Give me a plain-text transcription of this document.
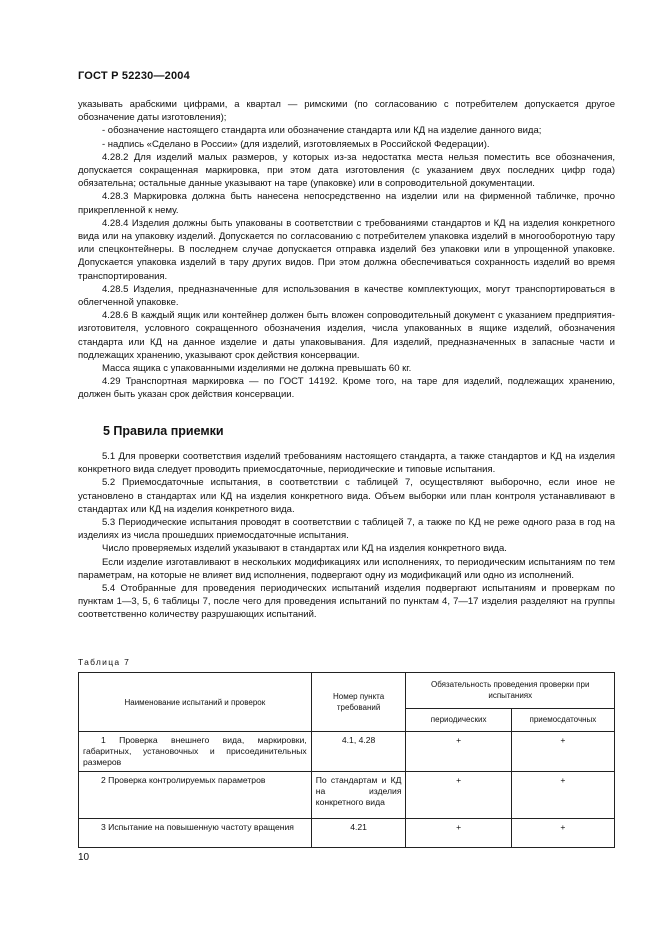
ГОСТ Р 52230—2004

указывать арабскими цифрами, а квартал — римскими (по согласованию с потребителем допускается другое обозначение даты изготовления);

- обозначение настоящего стандарта или обозначение стандарта или КД на изделие данного вида;

- надпись «Сделано в России» (для изделий, изготовляемых в Российской Федерации).

4.28.2 Для изделий малых размеров, у которых из-за недостатка места нельзя поместить все обозначения, допускается сокращенная маркировка, при этом дата изготовления (с указанием двух последних цифр года) обязательна; остальные данные указывают на таре (упаковке) или в сопроводительной документации.

4.28.3 Маркировка должна быть нанесена непосредственно на изделии или на фирменной табличке, прочно прикрепленной к нему.

4.28.4 Изделия должны быть упакованы в соответствии с требованиями стандартов и КД на изделия конкретного вида или на упаковку изделий. Допускается по согласованию с потребителем упаковка изделий в многооборотную тару или спецконтейнеры. В последнем случае допускается отправка изделий без упаковки или в упрощенной упаковке. Допускается упаковка изделий в тару других видов. При этом должна обеспечиваться сохранность изделий во время транспортирования.

4.28.5 Изделия, предназначенные для использования в качестве комплектующих, могут транспортироваться в облегченной упаковке.

4.28.6 В каждый ящик или контейнер должен быть вложен сопроводительный документ с указанием предприятия-изготовителя, условного сокращенного обозначения изделия, числа упакованных в ящике изделий, обозначения стандарта или КД на данное изделие и даты упаковывания. Для изделий, предназначенных в запасные части и подлежащих хранению, указывают срок действия консервации.

Масса ящика с упакованными изделиями не должна превышать 60 кг.

4.29 Транспортная маркировка — по ГОСТ 14192. Кроме того, на таре для изделий, подлежащих хранению, должен быть указан срок действия консервации.

5 Правила приемки

5.1 Для проверки соответствия изделий требованиям настоящего стандарта, а также стандартов и КД на изделия конкретного вида следует проводить приемосдаточные, периодические и типовые испытания.

5.2 Приемосдаточные испытания, в соответствии с таблицей 7, осуществляют выборочно, если иное не установлено в стандартах или КД на изделия конкретного вида. Объем выборки или план контроля устанавливают в стандартах или КД на изделия конкретного вида.

5.3 Периодические испытания проводят в соответствии с таблицей 7, а также по КД не реже одного раза в год на изделиях из числа прошедших приемосдаточные испытания.

Число проверяемых изделий указывают в стандартах или КД на изделия конкретного вида.

Если изделие изготавливают в нескольких модификациях или исполнениях, то периодическим испытаниям по тем параметрам, на которые не влияет вид исполнения, подвергают одну из модификаций или одно из исполнений.

5.4 Отобранные для проведения периодических испытаний изделия подвергают испытаниям и проверкам по пунктам 1—3, 5, 6 таблицы 7, после чего для проведения испытаний по пунктам 4, 7—17 изделия разделяют на группы соответственно количеству разрушающих испытаний.

Таблица 7
Наименование испытаний и проверок	Номер пункта требований	Обязательность проведения проверки при испытаниях	
		периодических	приемосдаточных
1 Проверка внешнего вида, маркировки, габаритных, установочных и присоединительных размеров	4.1, 4.28	+	+
2 Проверка контролируемых параметров	По стандартам и КД на изделия конкретного вида	+	+
3 Испытание на повышенную частоту вращения	4.21	+	+
10
